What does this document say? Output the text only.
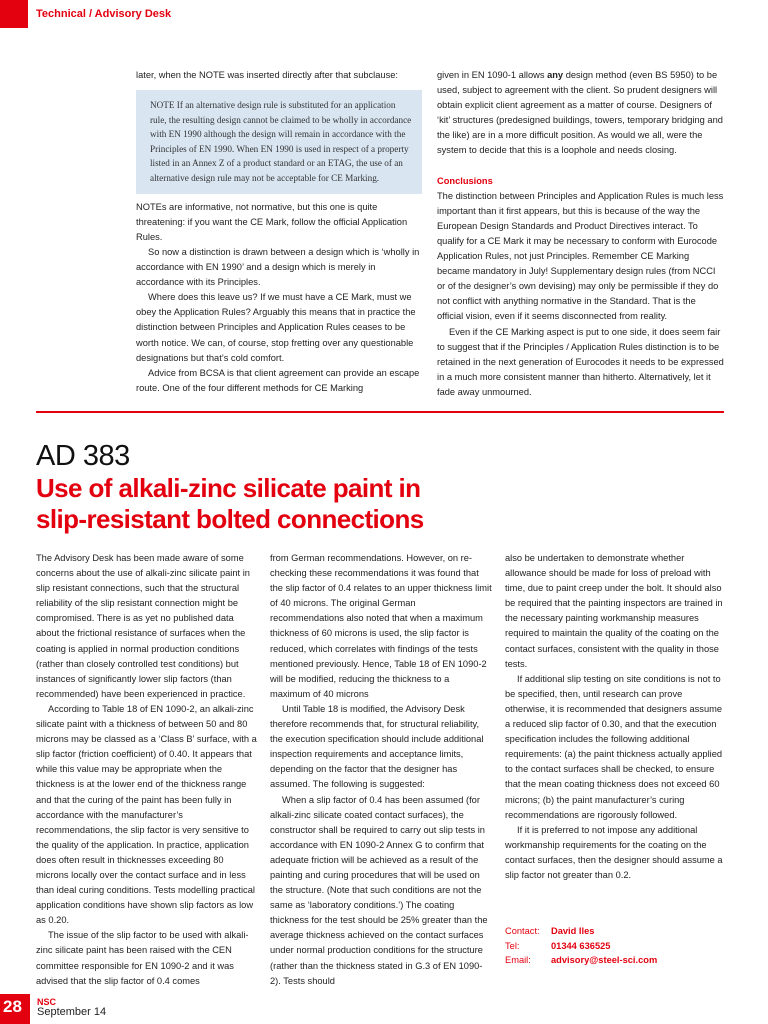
Technical / Advisory Desk

later, when the NOTE was inserted directly after that subclause:

NOTE If an alternative design rule is substituted for an application rule, the resulting design cannot be claimed to be wholly in accordance with EN 1990 although the design will remain in accordance with the Principles of EN 1990. When EN 1990 is used in respect of a property listed in an Annex Z of a product standard or an ETAG, the use of an alternative design rule may not be acceptable for CE Marking.

NOTEs are informative, not normative, but this one is quite threatening: if you want the CE Mark, follow the official Application Rules.

So now a distinction is drawn between a design which is ‘wholly in accordance with EN 1990’ and a design which is merely in accordance with its Principles.

Where does this leave us? If we must have a CE Mark, must we obey the Application Rules? Arguably this means that in practice the distinction between Principles and Application Rules ceases to be worth notice. We can, of course, stop fretting over any questionable designations but that’s cold comfort.

Advice from BCSA is that client agreement can provide an escape route. One of the four different methods for CE Marking

given in EN 1090-1 allows any design method (even BS 5950) to be used, subject to agreement with the client. So prudent designers will obtain explicit client agreement as a matter of course. Designers of ‘kit’ structures (predesigned buildings, towers, temporary bridging and the like) are in a more difficult position. As would we all, were the system to decide that this is a loophole and needs closing.

Conclusions

The distinction between Principles and Application Rules is much less important than it first appears, but this is because of the way the European Design Standards and Product Directives interact. To qualify for a CE Mark it may be necessary to conform with Eurocode Application Rules, not just Principles. Remember CE Marking became mandatory in July! Supplementary design rules (from NCCI or of the designer’s own devising) may only be permissible if they do not conflict with anything normative in the Standard. That is the official vision, even if it seems disconnected from reality.

Even if the CE Marking aspect is put to one side, it does seem fair to suggest that if the Principles / Application Rules distinction is to be retained in the next generation of Eurocodes it needs to be expressed in a much more consistent manner than hitherto. Alternatively, let it fade away unmourned.

AD 383
Use of alkali-zinc silicate paint in
slip-resistant bolted connections

The Advisory Desk has been made aware of some concerns about the use of alkali-zinc silicate paint in slip resistant connections, such that the structural reliability of the slip resistant connection might be compromised. There is as yet no published data about the frictional resistance of surfaces when the coating is applied in normal production conditions (rather than closely controlled test conditions) but instances of significantly lower slip factors (than recommended) have been experienced in practice.

According to Table 18 of EN 1090-2, an alkali-zinc silicate paint with a thickness of between 50 and 80 microns may be classed as a ‘Class B’ surface, with a slip factor (friction coefficient) of 0.40. It appears that while this value may be appropriate when the thickness is at the lower end of the thickness range and that the curing of the paint has been fully in accordance with the manufacturer’s recommendations, the slip factor is very sensitive to the quality of the application. In practice, application does often result in thicknesses exceeding 80 microns locally over the contact surface and in less than ideal curing conditions. Tests modelling practical application conditions have shown slip factors as low as 0.20.

The issue of the slip factor to be used with alkali-zinc silicate paint has been raised with the CEN committee responsible for EN 1090-2 and it was advised that the slip factor of 0.4 comes

from German recommendations. However, on re-checking these recommendations it was found that the slip factor of 0.4 relates to an upper thickness limit of 40 microns. The original German recommendations also noted that when a maximum thickness of 60 microns is used, the slip factor is reduced, which correlates with findings of the tests mentioned previously. Hence, Table 18 of EN 1090-2 will be modified, reducing the thickness to a maximum of 40 microns

Until Table 18 is modified, the Advisory Desk therefore recommends that, for structural reliability, the execution specification should include additional inspection requirements and acceptance limits, depending on the factor that the designer has assumed. The following is suggested:

When a slip factor of 0.4 has been assumed (for alkali-zinc silicate coated contact surfaces), the constructor shall be required to carry out slip tests in accordance with EN 1090-2 Annex G to confirm that adequate friction will be achieved as a result of the painting and curing procedures that will be used on the structure. (Note that such conditions are not the same as ‘laboratory conditions.’) The coating thickness for the test should be 25% greater than the average thickness achieved on the contact surfaces under normal production conditions for the structure (rather than the thickness stated in G.3 of EN 1090-2). Tests should

also be undertaken to demonstrate whether allowance should be made for loss of preload with time, due to paint creep under the bolt. It should also be required that the painting inspectors are trained in the necessary painting workmanship measures required to maintain the quality of the coating on the contact surfaces, consistent with the quality in those tests.

If additional slip testing on site conditions is not to be specified, then, until research can prove otherwise, it is recommended that designers assume a reduced slip factor of 0.30, and that the execution specification includes the following additional requirements: (a) the paint thickness actually applied to the contact surfaces shall be checked, to ensure that the mean coating thickness does not exceed 60 microns; (b) the paint manufacturer’s curing recommendations are rigorously followed.

If it is preferred to not impose any additional workmanship requirements for the coating on the contact surfaces, then the designer should assume a slip factor not greater than 0.2.

Contact: David Iles
Tel:	01344 636525
Email: advisory@steel-sci.com
28 NSC
September 14
